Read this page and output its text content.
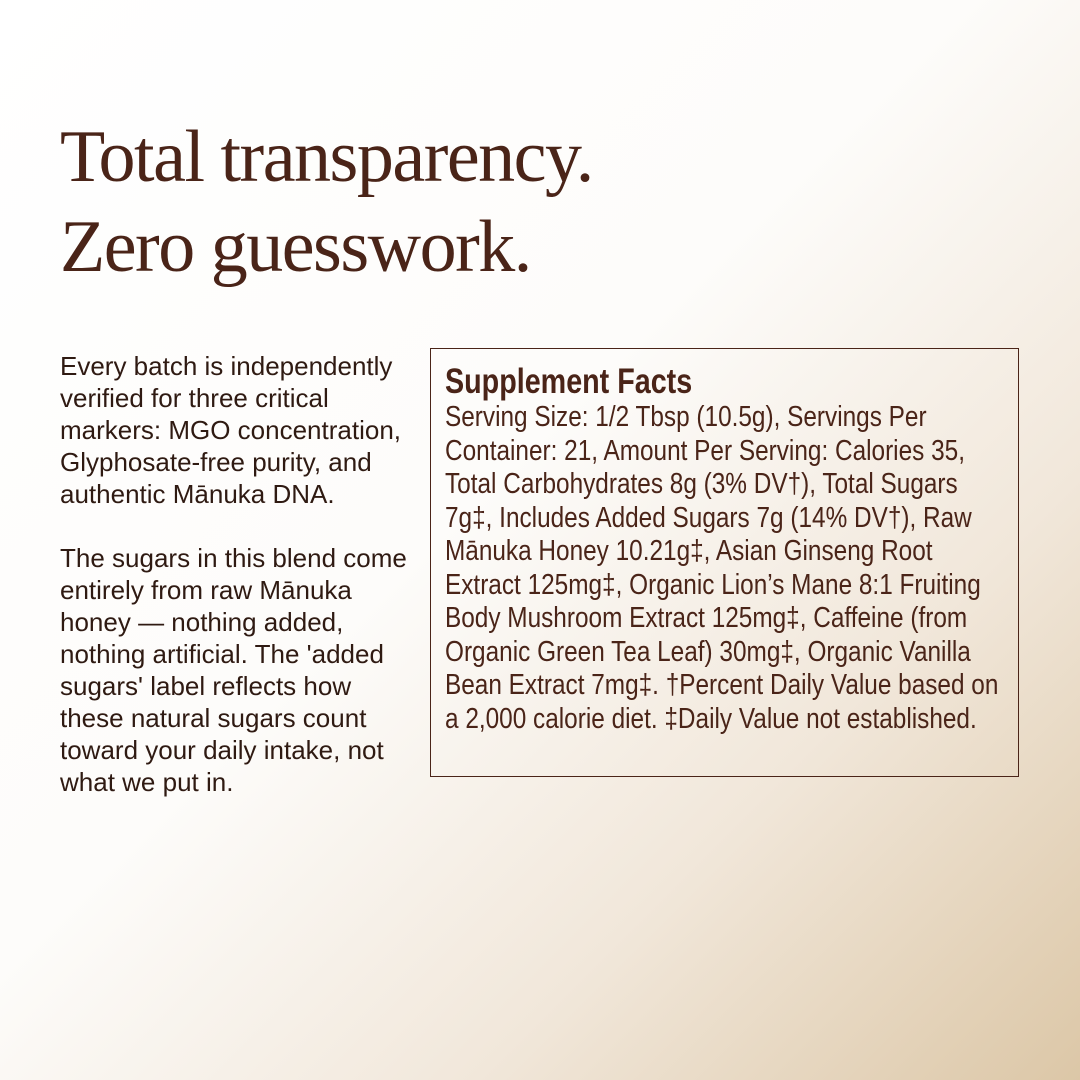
Total transparency.
Zero guesswork.

Every batch is independently verified for three critical markers: MGO concentration, Glyphosate-free purity, and authentic Mānuka DNA.

The sugars in this blend come entirely from raw Mānuka honey — nothing added, nothing artificial. The 'added sugars' label reflects how these natural sugars count toward your daily intake, not what we put in.

Supplement Facts

Serving Size: 1/2 Tbsp (10.5g), Servings Per Container: 21, Amount Per Serving: Calories 35, Total Carbohydrates 8g (3% DV†), Total Sugars 7g‡, Includes Added Sugars 7g (14% DV†), Raw Mānuka Honey 10.21g‡, Asian Ginseng Root Extract 125mg‡, Organic Lion’s Mane 8:1 Fruiting Body Mushroom Extract 125mg‡, Caffeine (from Organic Green Tea Leaf) 30mg‡, Organic Vanilla Bean Extract 7mg‡. †Percent Daily Value based on a 2,000 calorie diet. ‡Daily Value not established.
